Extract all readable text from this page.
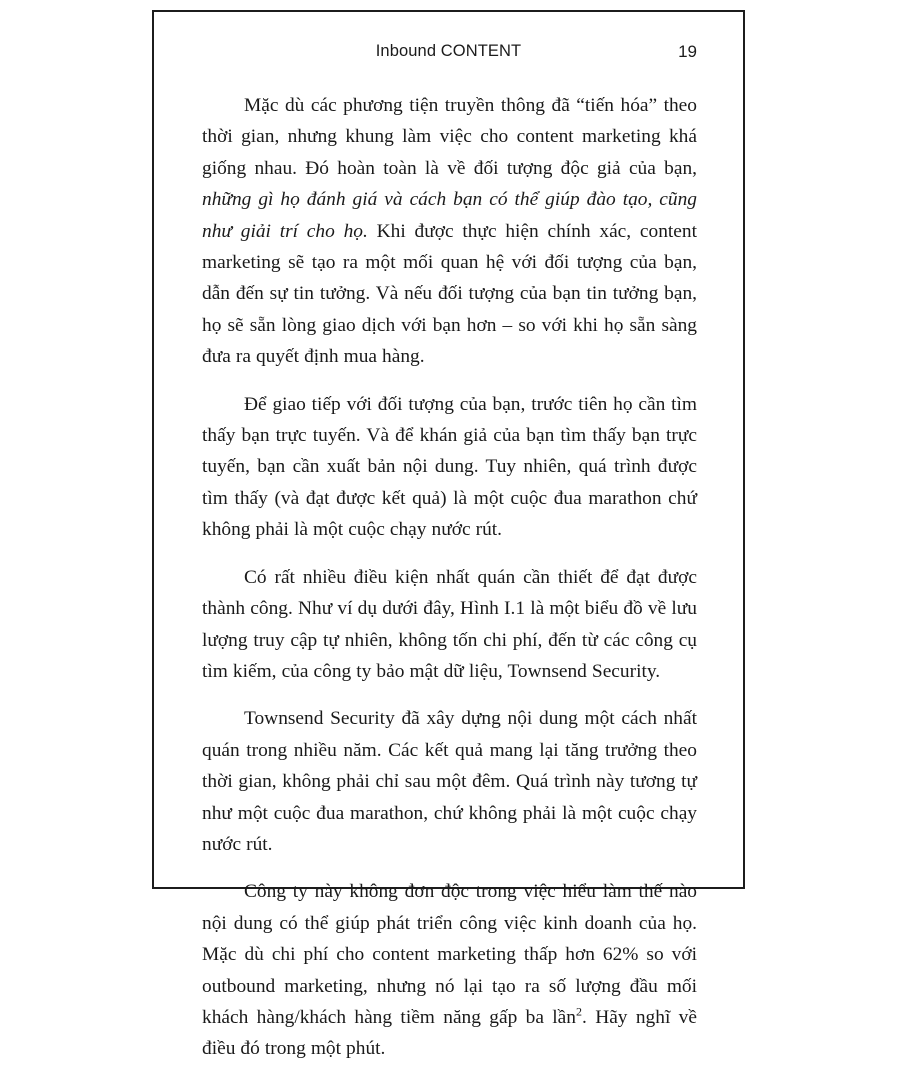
Inbound CONTENT	19

Mặc dù các phương tiện truyền thông đã “tiến hóa” theo thời gian, nhưng khung làm việc cho content marketing khá giống nhau. Đó hoàn toàn là về đối tượng độc giả của bạn, những gì họ đánh giá và cách bạn có thể giúp đào tạo, cũng như giải trí cho họ. Khi được thực hiện chính xác, content marketing sẽ tạo ra một mối quan hệ với đối tượng của bạn, dẫn đến sự tin tưởng. Và nếu đối tượng của bạn tin tưởng bạn, họ sẽ sẵn lòng giao dịch với bạn hơn – so với khi họ sẵn sàng đưa ra quyết định mua hàng.

Để giao tiếp với đối tượng của bạn, trước tiên họ cần tìm thấy bạn trực tuyến. Và để khán giả của bạn tìm thấy bạn trực tuyến, bạn cần xuất bản nội dung. Tuy nhiên, quá trình được tìm thấy (và đạt được kết quả) là một cuộc đua marathon chứ không phải là một cuộc chạy nước rút.

Có rất nhiều điều kiện nhất quán cần thiết để đạt được thành công. Như ví dụ dưới đây, Hình I.1 là một biểu đồ về lưu lượng truy cập tự nhiên, không tốn chi phí, đến từ các công cụ tìm kiếm, của công ty bảo mật dữ liệu, Townsend Security.

Townsend Security đã xây dựng nội dung một cách nhất quán trong nhiều năm. Các kết quả mang lại tăng trưởng theo thời gian, không phải chỉ sau một đêm. Quá trình này tương tự như một cuộc đua marathon, chứ không phải là một cuộc chạy nước rút.

Công ty này không đơn độc trong việc hiểu làm thế nào nội dung có thể giúp phát triển công việc kinh doanh của họ. Mặc dù chi phí cho content marketing thấp hơn 62% so với outbound marketing, nhưng nó lại tạo ra số lượng đầu mối khách hàng/khách hàng tiềm năng gấp ba lần$^2$. Hãy nghĩ về điều đó trong một phút.
